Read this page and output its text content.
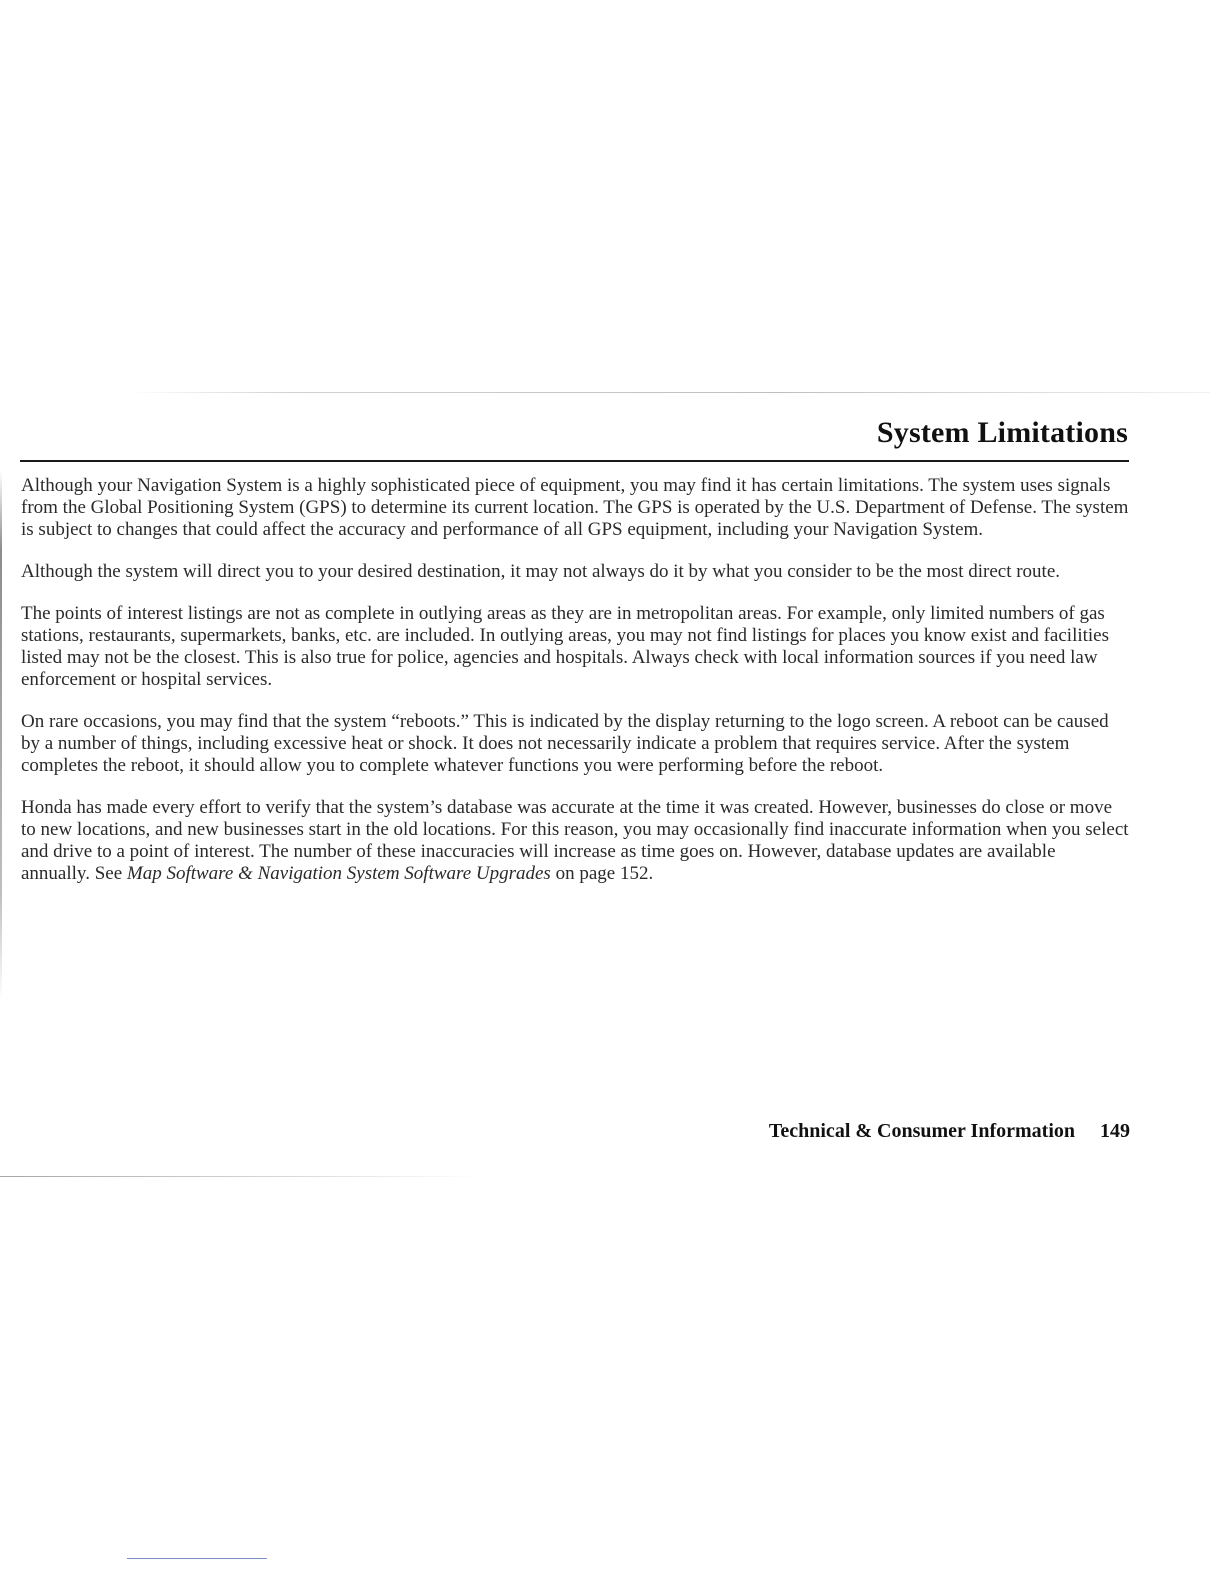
System Limitations

Although your Navigation System is a highly sophisticated piece of equipment, you may find it has certain limitations. The system uses signals from the Global Positioning System (GPS) to determine its current location. The GPS is operated by the U.S. Department of Defense. The system is subject to changes that could affect the accuracy and performance of all GPS equipment, including your Navigation System.

Although the system will direct you to your desired destination, it may not always do it by what you consider to be the most direct route.

The points of interest listings are not as complete in outlying areas as they are in metropolitan areas. For example, only limited numbers of gas stations, restaurants, supermarkets, banks, etc. are included. In outlying areas, you may not find listings for places you know exist and facilities listed may not be the closest. This is also true for police, agencies and hospitals. Always check with local information sources if you need law enforcement or hospital services.

On rare occasions, you may find that the system “reboots.” This is indicated by the display returning to the logo screen. A reboot can be caused by a number of things, including excessive heat or shock. It does not necessarily indicate a problem that requires service. After the system completes the reboot, it should allow you to complete whatever functions you were performing before the reboot.

Honda has made every effort to verify that the system’s database was accurate at the time it was created. However, businesses do close or move to new locations, and new businesses start in the old locations. For this reason, you may occasionally find inaccurate information when you select and drive to a point of interest. The number of these inaccuracies will increase as time goes on. However, database updates are available annually. See Map Software & Navigation System Software Upgrades on page 152.

Technical & Consumer Information 149
